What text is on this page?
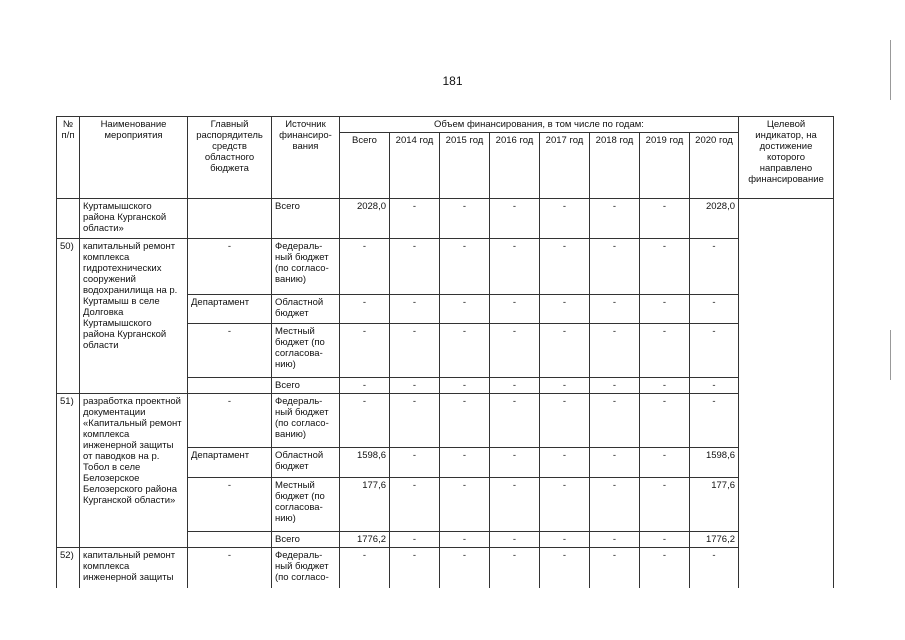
181
№ п/п	Наименование мероприятия	Главный распорядитель средств областного бюджета	Источник финансиро-вания	Объем финансирования, в том числе по годам:								Целевой индикатор, на достижение которого направлено финансирование
				Всего	2014 год	2015 год	2016 год	2017 год	2018 год	2019 год	2020 год	
	Куртамышского района Курганской области»		Всего	2028,0	-	-	-	-	-	-	2028,0	
50)	капитальный ремонт комплекса гидротехнических сооружений водохранилища на р. Куртамыш в селе Долговка Куртамышского района Курганской области	-	Федераль-ный бюджет (по согласо-ванию)	-	-	-	-	-	-	-	-	
		Департамент	Областной бюджет	-	-	-	-	-	-	-	-	
		-	Местный бюджет (по согласова-нию)	-	-	-	-	-	-	-	-	
			Всего	-	-	-	-	-	-	-	-	
51)	разработка проектной документации «Капитальный ремонт комплекса инженерной защиты от паводков на р. Тобол в селе Белозерское Белозерского района Курганской области»	-	Федераль-ный бюджет (по согласо-ванию)	-	-	-	-	-	-	-	-	
		Департамент	Областной бюджет	1598,6	-	-	-	-	-	-	1598,6	
		-	Местный бюджет (по согласова-нию)	177,6	-	-	-	-	-	-	177,6	
			Всего	1776,2	-	-	-	-	-	-	1776,2	
52)	капитальный ремонт комплекса инженерной защиты	-	Федераль-ный бюджет (по согласо-	-	-	-	-	-	-	-	-	
